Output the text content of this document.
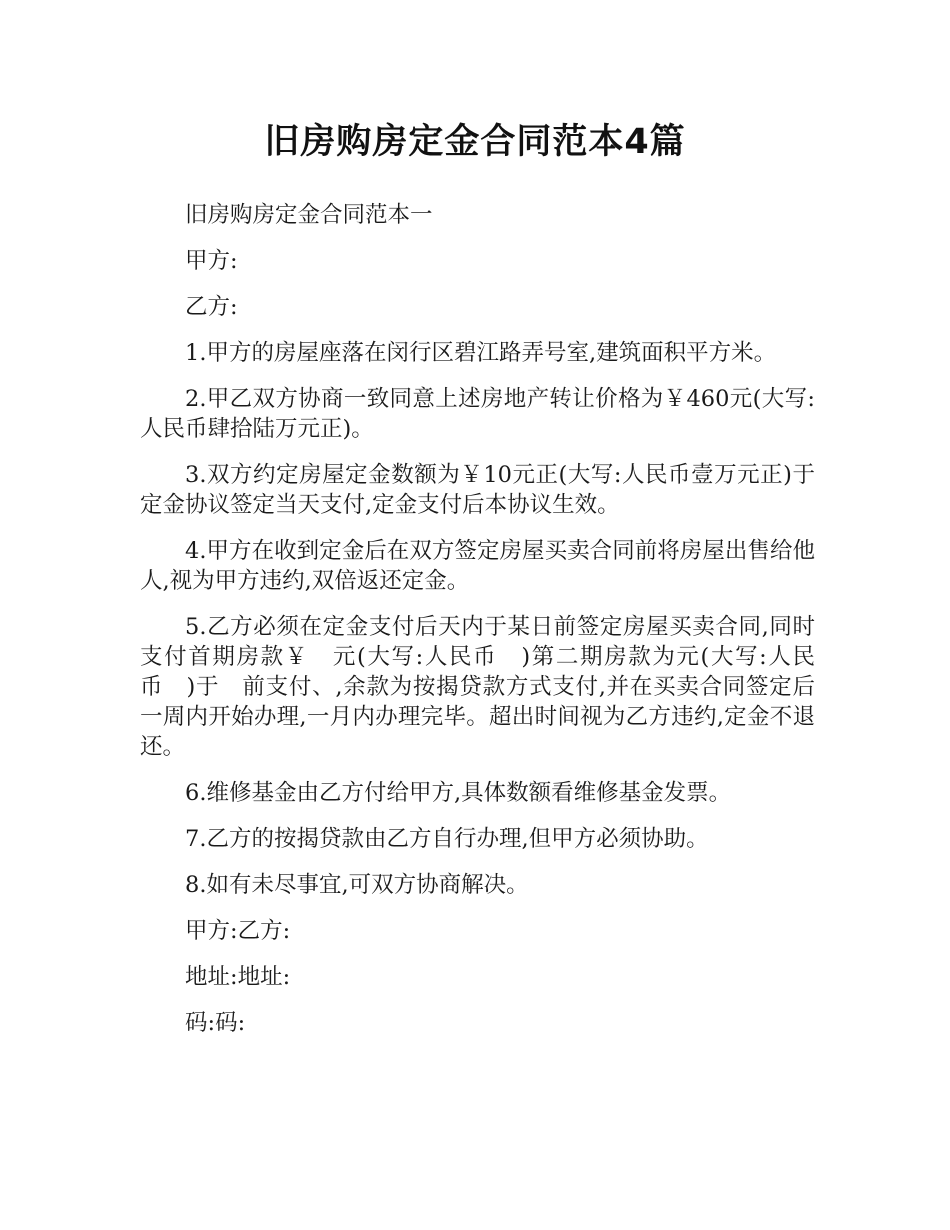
旧房购房定金合同范本4篇

旧房购房定金合同范本一

甲方:

乙方:

1.甲方的房屋座落在闵行区碧江路弄号室,建筑面积平方米。

2.甲乙双方协商一致同意上述房地产转让价格为￥460元(大写:人民币肆拾陆万元正)。

3.双方约定房屋定金数额为￥10元正(大写:人民币壹万元正)于定金协议签定当天支付,定金支付后本协议生效。

4.甲方在收到定金后在双方签定房屋买卖合同前将房屋出售给他人,视为甲方违约,双倍返还定金。

5.乙方必须在定金支付后天内于某日前签定房屋买卖合同,同时支付首期房款￥　元(大写:人民币　)第二期房款为元(大写:人民币　)于　前支付、,余款为按揭贷款方式支付,并在买卖合同签定后一周内开始办理,一月内办理完毕。超出时间视为乙方违约,定金不退还。

6.维修基金由乙方付给甲方,具体数额看维修基金发票。

7.乙方的按揭贷款由乙方自行办理,但甲方必须协助。

8.如有未尽事宜,可双方协商解决。

甲方:乙方:

地址:地址:

码:码:
